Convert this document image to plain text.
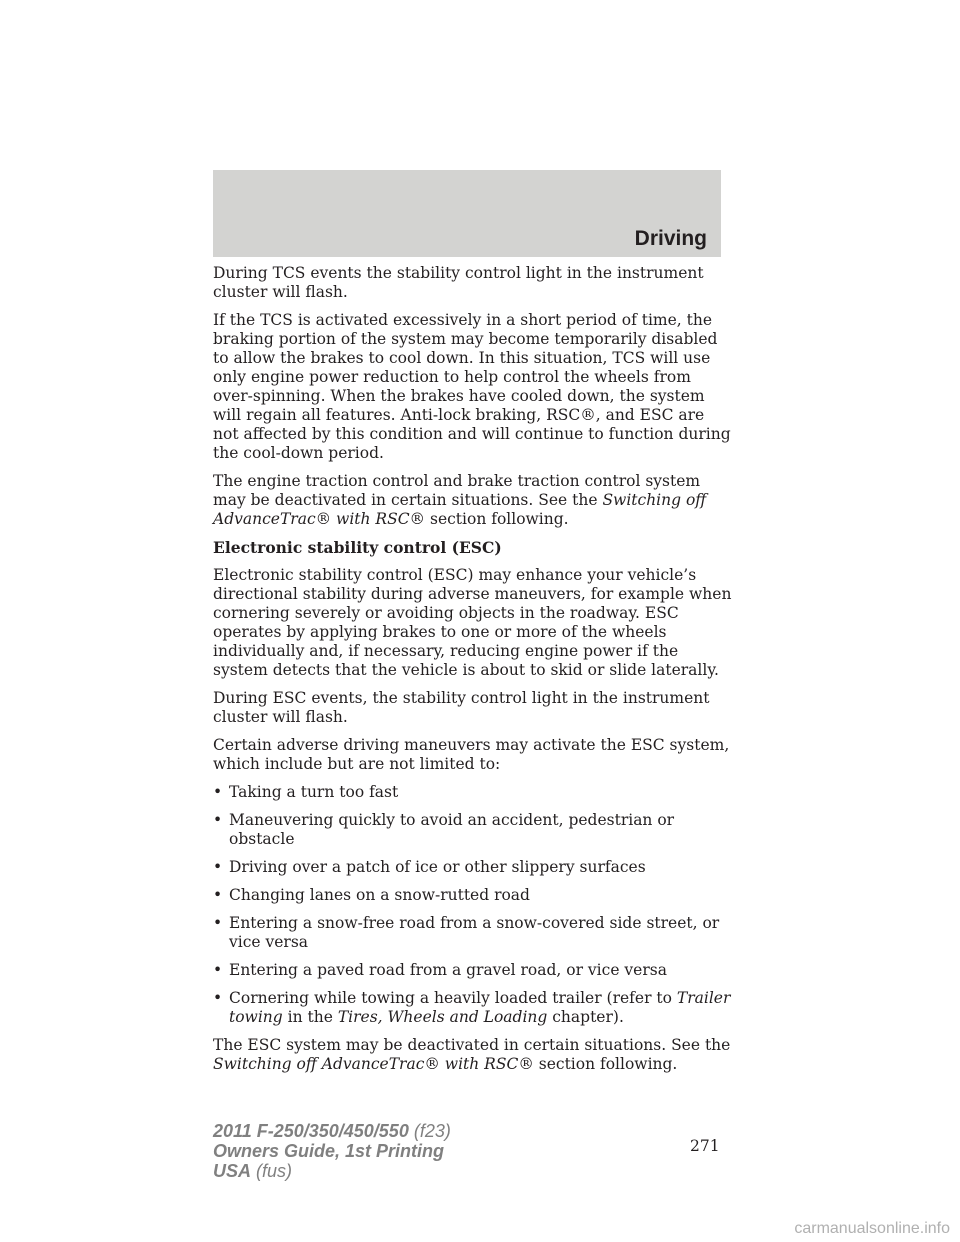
Driving

During TCS events the stability control light in the instrument cluster will flash.

If the TCS is activated excessively in a short period of time, the braking portion of the system may become temporarily disabled to allow the brakes to cool down. In this situation, TCS will use only engine power reduction to help control the wheels from over-spinning. When the brakes have cooled down, the system will regain all features. Anti-lock braking, RSC®, and ESC are not affected by this condition and will continue to function during the cool-down period.

The engine traction control and brake traction control system may be deactivated in certain situations. See the Switching off AdvanceTrac® with RSC® section following.

Electronic stability control (ESC)

Electronic stability control (ESC) may enhance your vehicle’s directional stability during adverse maneuvers, for example when cornering severely or avoiding objects in the roadway. ESC operates by applying brakes to one or more of the wheels individually and, if necessary, reducing engine power if the system detects that the vehicle is about to skid or slide laterally.

During ESC events, the stability control light in the instrument cluster will flash.

Certain adverse driving maneuvers may activate the ESC system, which include but are not limited to:

• Taking a turn too fast
• Maneuvering quickly to avoid an accident, pedestrian or obstacle
• Driving over a patch of ice or other slippery surfaces
• Changing lanes on a snow-rutted road
• Entering a snow-free road from a snow-covered side street, or vice versa
• Entering a paved road from a gravel road, or vice versa
• Cornering while towing a heavily loaded trailer (refer to Trailer towing in the Tires, Wheels and Loading chapter).

The ESC system may be deactivated in certain situations. See the Switching off AdvanceTrac® with RSC® section following.

271
2011 F-250/350/450/550 (f23)
Owners Guide, 1st Printing
USA (fus)
carmanualsonline.info
